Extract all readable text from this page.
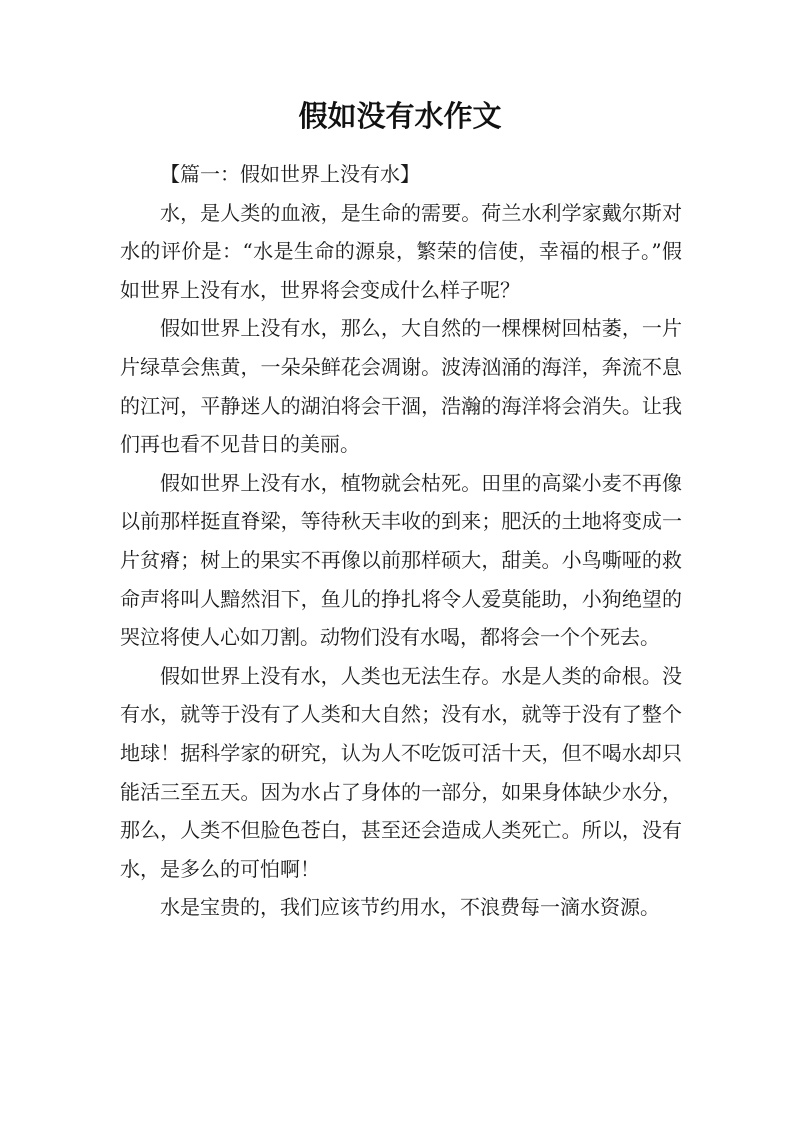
假如没有水作文

【篇一：假如世界上没有水】

水，是人类的血液，是生命的需要。荷兰水利学家戴尔斯对水的评价是：“水是生命的源泉，繁荣的信使，幸福的根子。”假如世界上没有水，世界将会变成什么样子呢？

假如世界上没有水，那么，大自然的一棵棵树回枯萎，一片片绿草会焦黄，一朵朵鲜花会凋谢。波涛汹涌的海洋，奔流不息的江河，平静迷人的湖泊将会干涸，浩瀚的海洋将会消失。让我们再也看不见昔日的美丽。

假如世界上没有水，植物就会枯死。田里的高粱小麦不再像以前那样挺直脊梁，等待秋天丰收的到来；肥沃的土地将变成一片贫瘠；树上的果实不再像以前那样硕大，甜美。小鸟嘶哑的救命声将叫人黯然泪下，鱼儿的挣扎将令人爱莫能助，小狗绝望的哭泣将使人心如刀割。动物们没有水喝，都将会一个个死去。

假如世界上没有水，人类也无法生存。水是人类的命根。没有水，就等于没有了人类和大自然；没有水，就等于没有了整个地球！据科学家的研究，认为人不吃饭可活十天，但不喝水却只能活三至五天。因为水占了身体的一部分，如果身体缺少水分，那么，人类不但脸色苍白，甚至还会造成人类死亡。所以，没有水，是多么的可怕啊！

水是宝贵的，我们应该节约用水，不浪费每一滴水资源。
